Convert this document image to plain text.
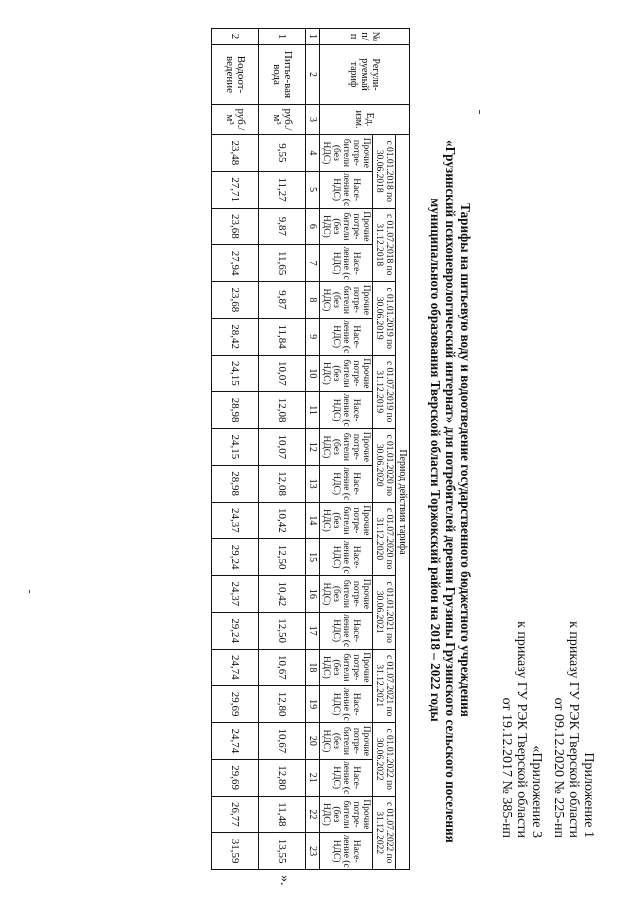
Приложение 1
к приказу ГУ РЭК Тверской области
от 09.12.2020 № 225-нп
«Приложение 3
к приказу ГУ РЭК Тверской области
от 19.12.2017 № 385-нп
Тарифы на питьевую воду и водоотведение государственного бюджетного учреждения
«Грузинский психоневрологический интернат» для потребителей деревни Грузины Грузинского сельского поселения
муниципального образования Тверской области Торжокский район на 2018 – 2022 годы
№ п/п	Регули-руемый тариф	Ед. изм.	Период действия тарифа																			
			с 01.01.2018 по 30.06.2018		с 01.07.2018 по 31.12.2018		с 01.01.2019 по 30.06.2019		с 01.07.2019 по 31.12.2019		с 01.01.2020 по 30.06.2020		с 01.07.2020 по 31.12.2020		с 01.01.2021 по 30.06.2021		с 01.07.2021 по 31.12.2021		с 01.01.2022 по 30.06.2022		с 01.07.2022 по 31.12.2022	
			Прочие потре-бители (без НДС)	Насе-ление (с НДС)	Прочие потре-бители (без НДС)	Насе-ление (с НДС)	Прочие потре-бители (без НДС)	Насе-ление (с НДС)	Прочие потре-бители (без НДС)	Насе-ление (с НДС)	Прочие потре-бители (без НДС)	Насе-ление (с НДС)	Прочие потре-бители (без НДС)	Насе-ление (с НДС)	Прочие потре-бители (без НДС)	Насе-ление (с НДС)	Прочие потре-бители (без НДС)	Насе-ление (с НДС)	Прочие потре-бители (без НДС)	Насе-ление (с НДС)	Прочие потре-бители (без НДС)	Насе-ление (с НДС)
1	2	3	4	5	6	7	8	9	10	11	12	13	14	15	16	17	18	19	20	21	22	23
1	Питье-вая вода	руб./м³	9,55	11,27	9,87	11,65	9,87	11,84	10,07	12,08	10,07	12,08	10,42	12,50	10,42	12,50	10,67	12,80	10,67	12,80	11,48	13,55
2	Водоот-ведение	руб./м³	23,48	27,71	23,68	27,94	23,68	28,42	24,15	28,98	24,15	28,98	24,37	29,24	24,37	29,24	24,74	29,69	24,74	29,69	26,77	31,59
».
